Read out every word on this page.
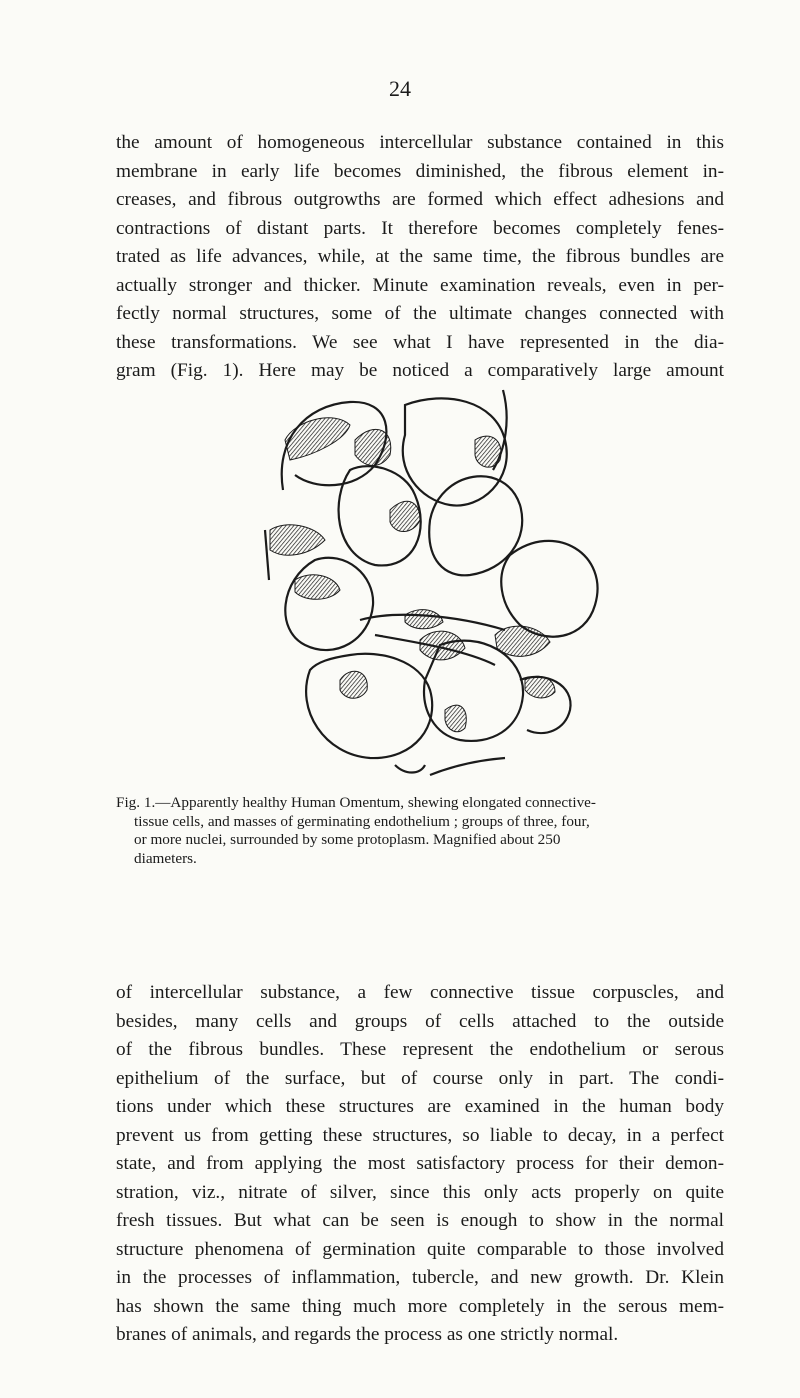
24

the amount of homogeneous intercellular substance contained in this
membrane in early life becomes diminished, the fibrous element in-
creases, and fibrous outgrowths are formed which effect adhesions and
contractions of distant parts. It therefore becomes completely fenes-
trated as life advances, while, at the same time, the fibrous bundles are
actually stronger and thicker. Minute examination reveals, even in per-
fectly normal structures, some of the ultimate changes connected with
these transformations. We see what I have represented in the dia-
gram (Fig. 1). Here may be noticed a comparatively large amount

Fig. 1.—Apparently healthy Human Omentum, shewing elongated connective-
tissue cells, and masses of germinating endothelium ; groups of three, four,
or more nuclei, surrounded by some protoplasm. Magnified about 250
diameters.

of intercellular substance, a few connective tissue corpuscles, and
besides, many cells and groups of cells attached to the outside
of the fibrous bundles. These represent the endothelium or serous
epithelium of the surface, but of course only in part. The condi-
tions under which these structures are examined in the human body
prevent us from getting these structures, so liable to decay, in a perfect
state, and from applying the most satisfactory process for their demon-
stration, viz., nitrate of silver, since this only acts properly on quite
fresh tissues. But what can be seen is enough to show in the normal
structure phenomena of germination quite comparable to those involved
in the processes of inflammation, tubercle, and new growth. Dr. Klein
has shown the same thing much more completely in the serous mem-
branes of animals, and regards the process as one strictly normal.
